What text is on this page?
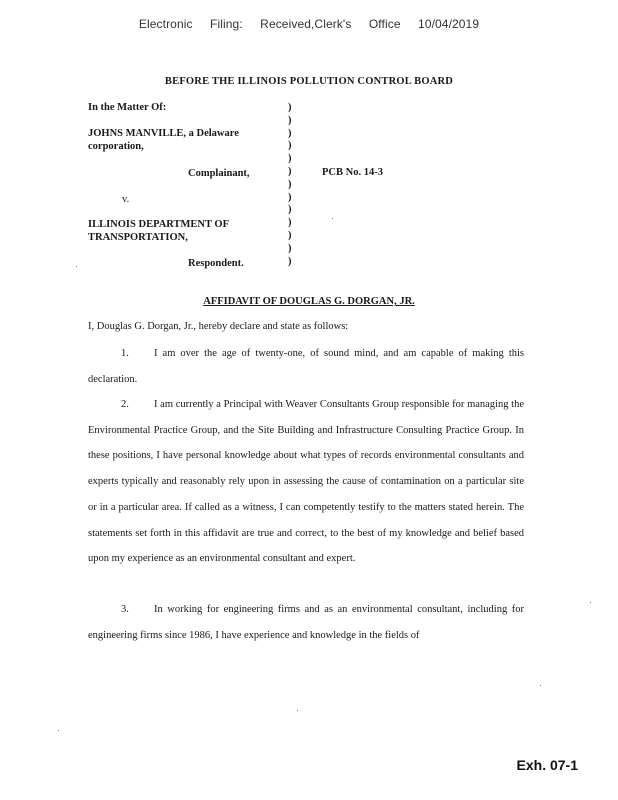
Electronic Filing: Received,Clerk's Office 10/04/2019
BEFORE THE ILLINOIS POLLUTION CONTROL BOARD
In the Matter Of:
JOHNS MANVILLE, a Delaware
corporation,
Complainant,
v.
ILLINOIS DEPARTMENT OF
TRANSPORTATION,
Respondent.
)
)
)
)
)
)
)
)
)
)
)
)
)
PCB No. 14-3
AFFIDAVIT OF DOUGLAS G. DORGAN, JR.
I, Douglas G. Dorgan, Jr., hereby declare and state as follows:
1. I am over the age of twenty-one, of sound mind, and am capable of making this declaration.
2. I am currently a Principal with Weaver Consultants Group responsible for managing the Environmental Practice Group, and the Site Building and Infrastructure Consulting Practice Group. In these positions, I have personal knowledge about what types of records environmental consultants and experts typically and reasonably rely upon in assessing the cause of contamination on a particular site or in a particular area. If called as a witness, I can competently testify to the matters stated herein. The statements set forth in this affidavit are true and correct, to the best of my knowledge and belief based upon my experience as an environmental consultant and expert.
3. In working for engineering firms and as an environmental consultant, including for engineering firms since 1986, I have experience and knowledge in the fields of
Exh. 07-1
